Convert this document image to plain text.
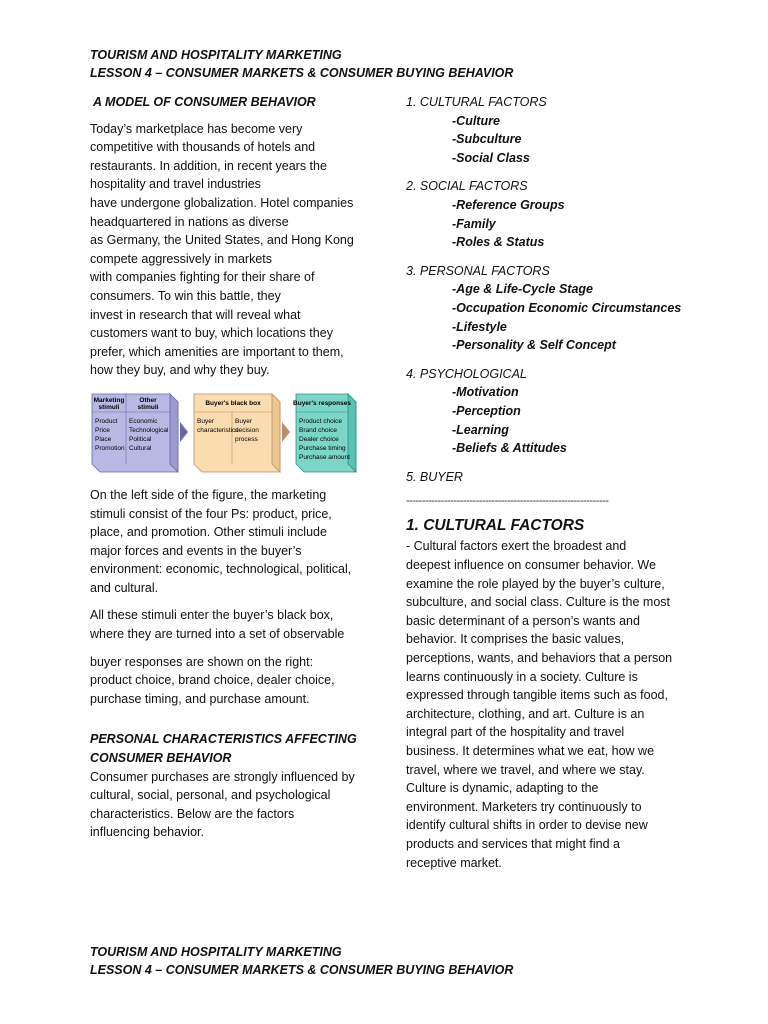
TOURISM AND HOSPITALITY MARKETING
LESSON 4 – CONSUMER MARKETS & CONSUMER BUYING BEHAVIOR
A MODEL OF CONSUMER BEHAVIOR
Today’s marketplace has become very
competitive with thousands of hotels and
restaurants. In addition, in recent years the
hospitality and travel industries
have undergone globalization. Hotel companies
headquartered in nations as diverse
as Germany, the United States, and Hong Kong
compete aggressively in markets
with companies fighting for their share of
consumers. To win this battle, they
invest in research that will reveal what
customers want to buy, which locations they
prefer, which amenities are important to them,
how they buy, and why they buy.
Marketing
stimuli
Other
stimuli
Product
Price
Place
Promotion
Economic
Technological
Political
Cultural
Buyer's black box
Buyer
characteristics
Buyer
decision
process
Buyer's responses
Product choice
Brand choice
Dealer choice
Purchase timing
Purchase amount
On the left side of the figure, the marketing
stimuli consist of the four Ps: product, price,
place, and promotion. Other stimuli include
major forces and events in the buyer’s
environment: economic, technological, political,
and cultural.
All these stimuli enter the buyer’s black box,
where they are turned into a set of observable
buyer responses are shown on the right:
product choice, brand choice, dealer choice,
purchase timing, and purchase amount.
PERSONAL CHARACTERISTICS AFFECTING
CONSUMER BEHAVIOR
Consumer purchases are strongly influenced by
cultural, social, personal, and psychological
characteristics. Below are the factors
influencing behavior.
1. CULTURAL FACTORS
-Culture
-Subculture
-Social Class
2. SOCIAL FACTORS
-Reference Groups
-Family
-Roles & Status
3. PERSONAL FACTORS
-Age & Life-Cycle Stage
-Occupation Economic Circumstances
-Lifestyle
-Personality & Self Concept
4. PSYCHOLOGICAL
-Motivation
-Perception
-Learning
-Beliefs & Attitudes
5. BUYER
----------------------------------------------------------------
1. CULTURAL FACTORS
- Cultural factors exert the broadest and
deepest influence on consumer behavior. We
examine the role played by the buyer’s culture,
subculture, and social class. Culture is the most
basic determinant of a person’s wants and
behavior. It comprises the basic values,
perceptions, wants, and behaviors that a person
learns continuously in a society. Culture is
expressed through tangible items such as food,
architecture, clothing, and art. Culture is an
integral part of the hospitality and travel
business. It determines what we eat, how we
travel, where we travel, and where we stay.
Culture is dynamic, adapting to the
environment. Marketers try continuously to
identify cultural shifts in order to devise new
products and services that might find a
receptive market.
TOURISM AND HOSPITALITY MARKETING
LESSON 4 – CONSUMER MARKETS & CONSUMER BUYING BEHAVIOR
